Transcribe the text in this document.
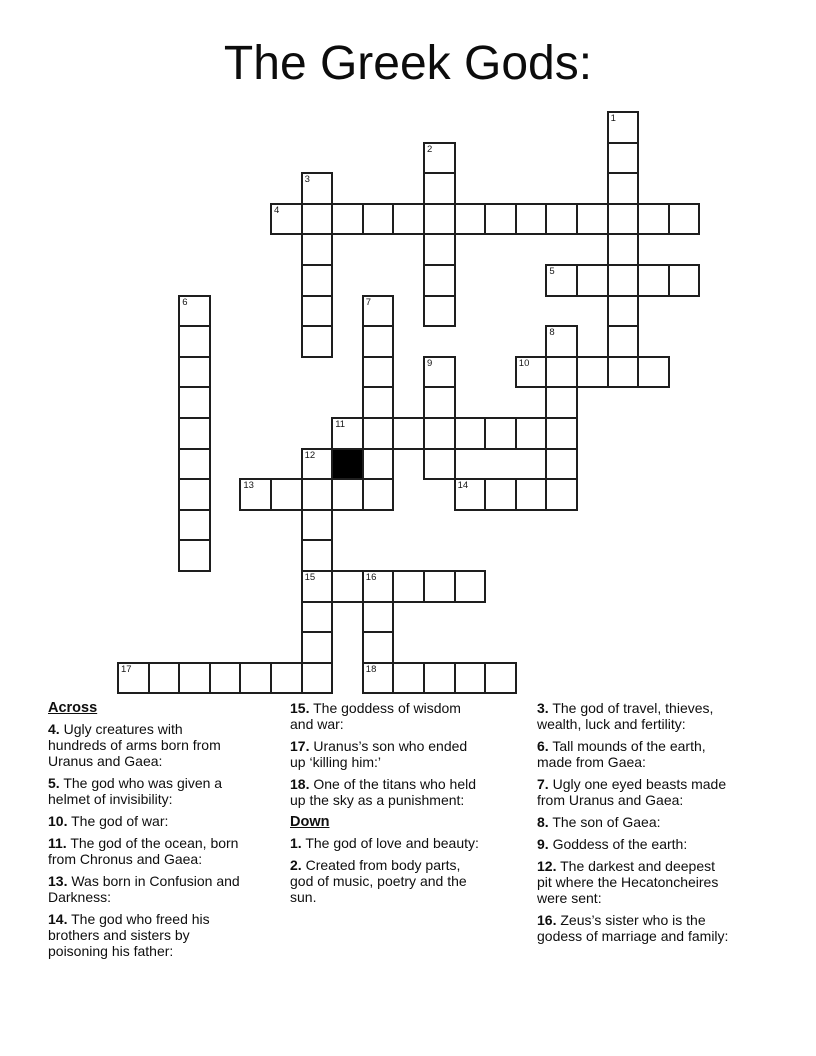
The Greek Gods:
1
2
3
4
5
6	7
8
9	10
11
12
13	14
15	16
17	18
Across

4. Ugly creatures with hundreds of arms born from Uranus and Gaea:

5. The god who was given a helmet of invisibility:

10. The god of war:

11. The god of the ocean, born from Chronus and Gaea:

13. Was born in Confusion and Darkness:

14. The god who freed his brothers and sisters by poisoning his father:

15. The goddess of wisdom and war:

17. Uranus’s son who ended up ‘killing him:’

18. One of the titans who held up the sky as a punishment:

Down

1. The god of love and beauty:

2. Created from body parts, god of music, poetry and the sun.

3. The god of travel, thieves, wealth, luck and fertility:

6. Tall mounds of the earth, made from Gaea:

7. Ugly one eyed beasts made from Uranus and Gaea:

8. The son of Gaea:

9. Goddess of the earth:

12. The darkest and deepest pit where the Hecatoncheires were sent:

16. Zeus’s sister who is the godess of marriage and family:
